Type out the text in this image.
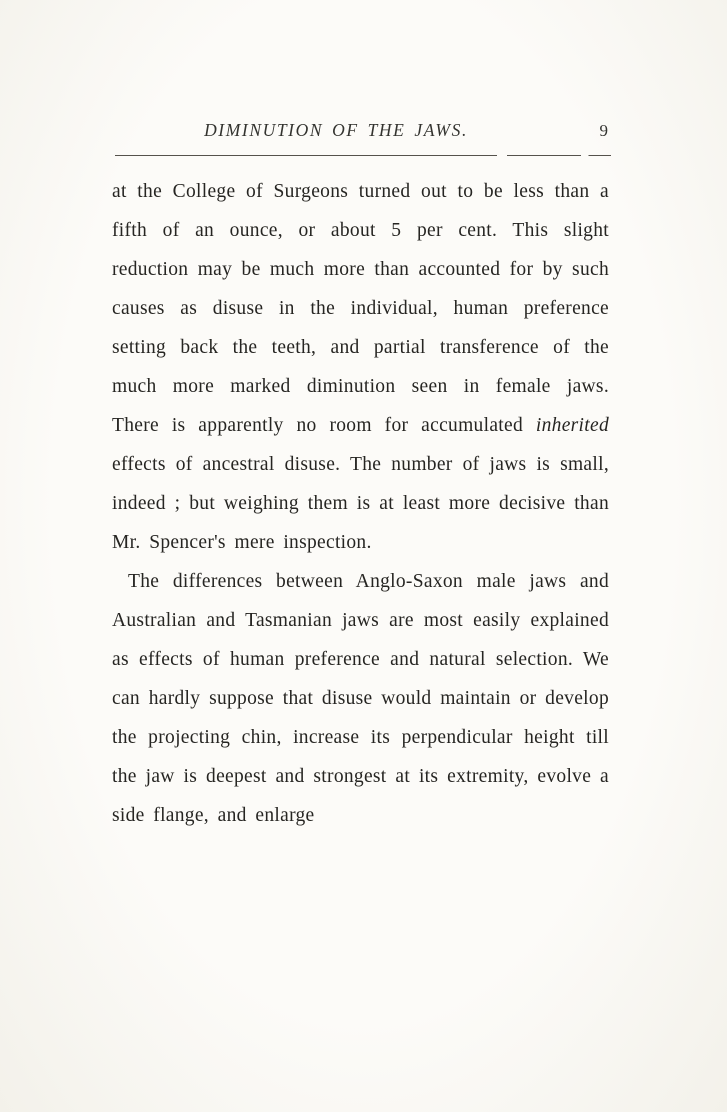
DIMINUTION OF THE JAWS.	9

at the College of Surgeons turned out to be less than a fifth of an ounce, or about 5 per cent. This slight reduction may be much more than accounted for by such causes as disuse in the individual, human preference setting back the teeth, and partial transference of the much more marked diminution seen in female jaws. There is apparently no room for accumulated inherited effects of ancestral disuse. The number of jaws is small, indeed ; but weighing them is at least more decisive than Mr. Spencer's mere inspection.

The differences between Anglo-Saxon male jaws and Australian and Tasmanian jaws are most easily explained as effects of human preference and natural selection. We can hardly suppose that disuse would maintain or develop the projecting chin, increase its perpendicular height till the jaw is deepest and strongest at its extremity, evolve a side flange, and enlarge
